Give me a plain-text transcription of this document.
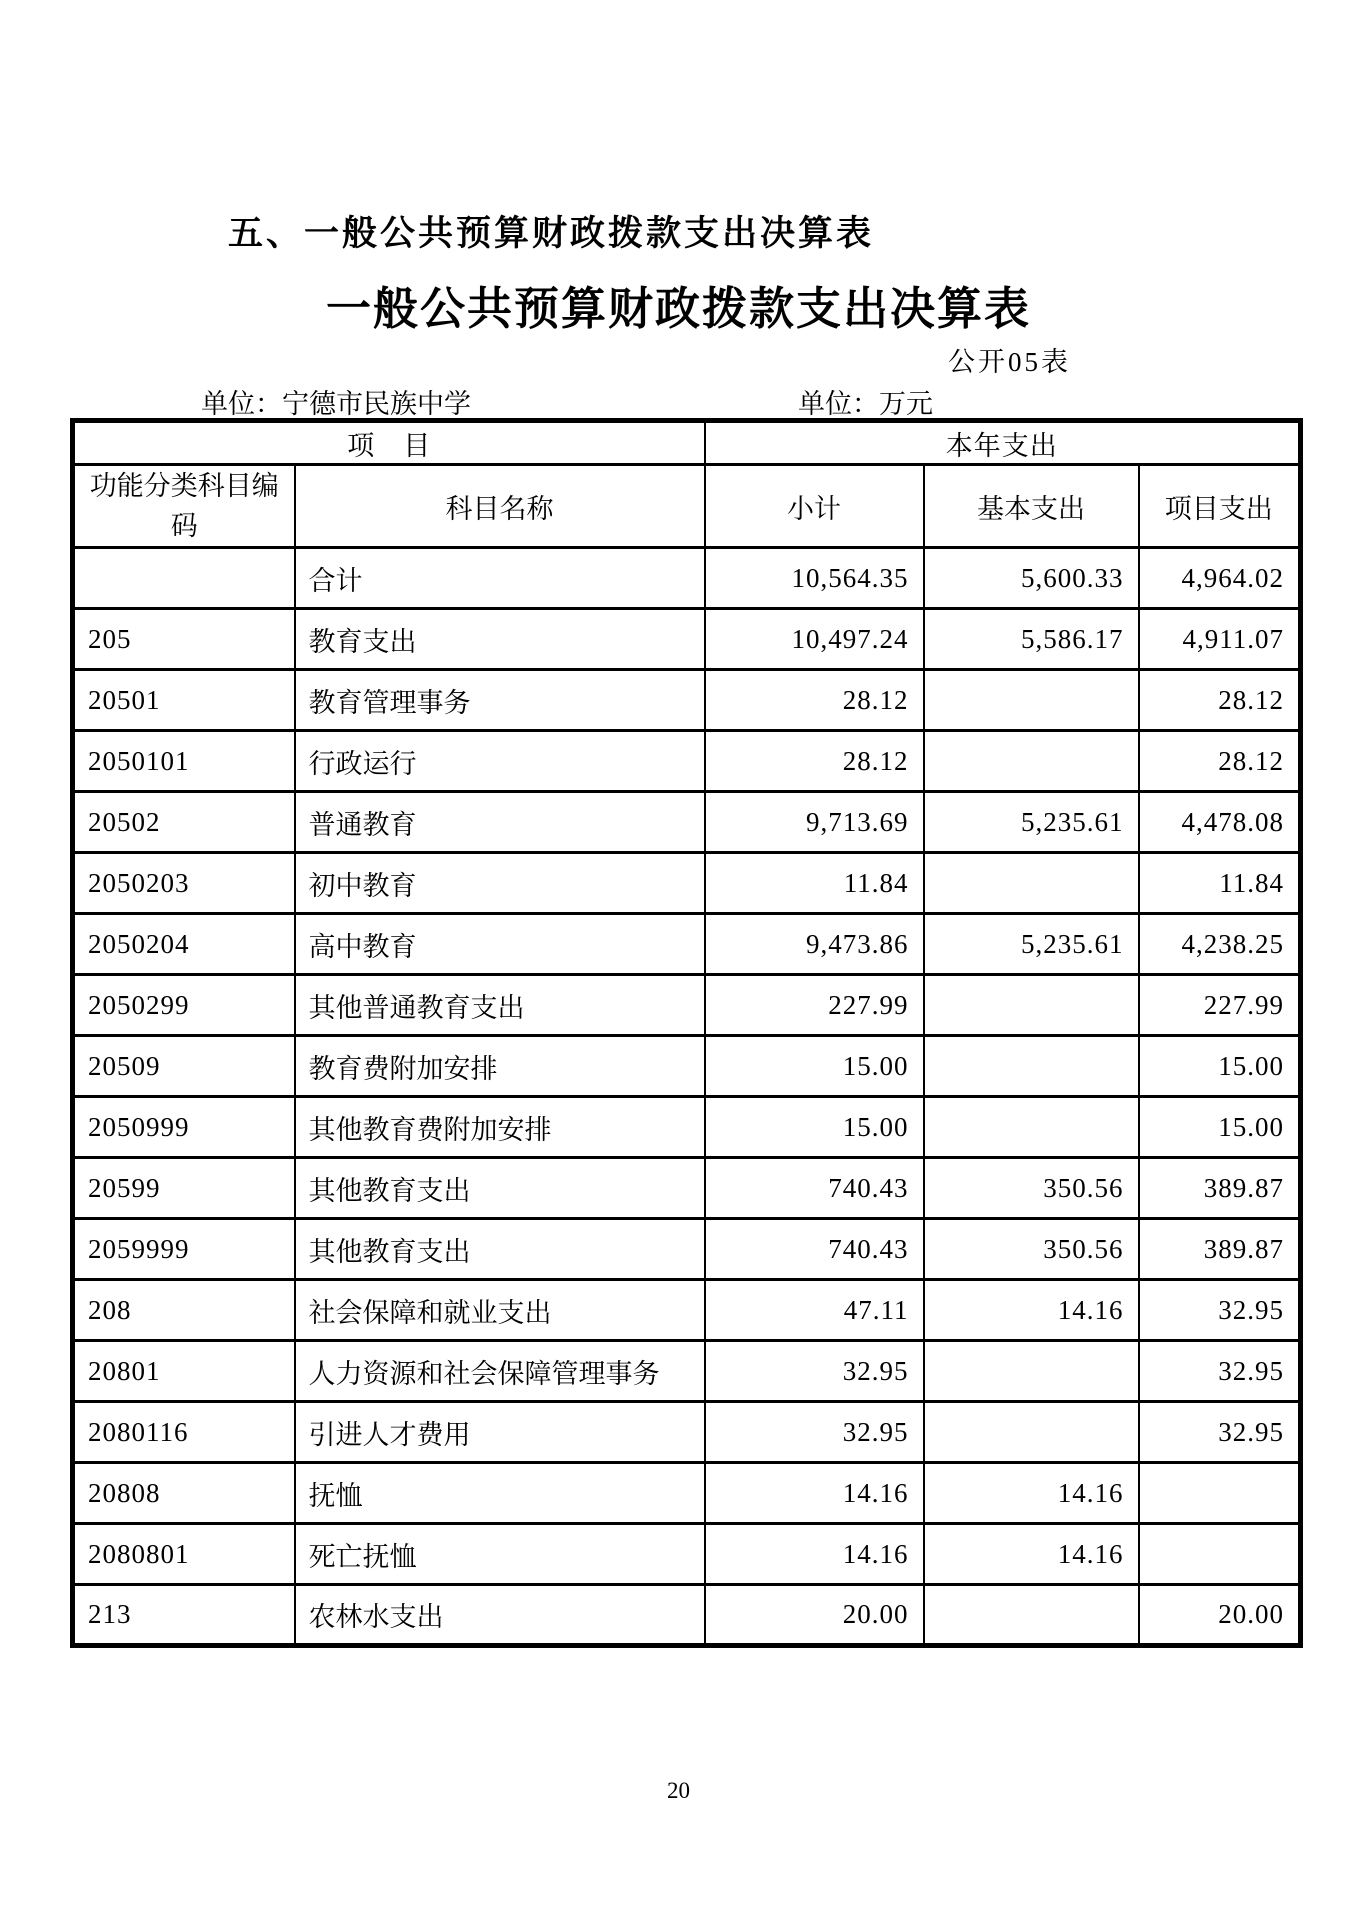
五、一般公共预算财政拨款支出决算表
一般公共预算财政拨款支出决算表
公开05表
单位：宁德市民族中学	单位：万元
项　目		本年支出		
功能分类科目编码	科目名称	小计	基本支出	项目支出
	合计	10,564.35	5,600.33	4,964.02
205	教育支出	10,497.24	5,586.17	4,911.07
20501	教育管理事务	28.12		28.12
2050101	行政运行	28.12		28.12
20502	普通教育	9,713.69	5,235.61	4,478.08
2050203	初中教育	11.84		11.84
2050204	高中教育	9,473.86	5,235.61	4,238.25
2050299	其他普通教育支出	227.99		227.99
20509	教育费附加安排	15.00		15.00
2050999	其他教育费附加安排	15.00		15.00
20599	其他教育支出	740.43	350.56	389.87
2059999	其他教育支出	740.43	350.56	389.87
208	社会保障和就业支出	47.11	14.16	32.95
20801	人力资源和社会保障管理事务	32.95		32.95
2080116	引进人才费用	32.95		32.95
20808	抚恤	14.16	14.16	
2080801	死亡抚恤	14.16	14.16	
213	农林水支出	20.00		20.00
20
